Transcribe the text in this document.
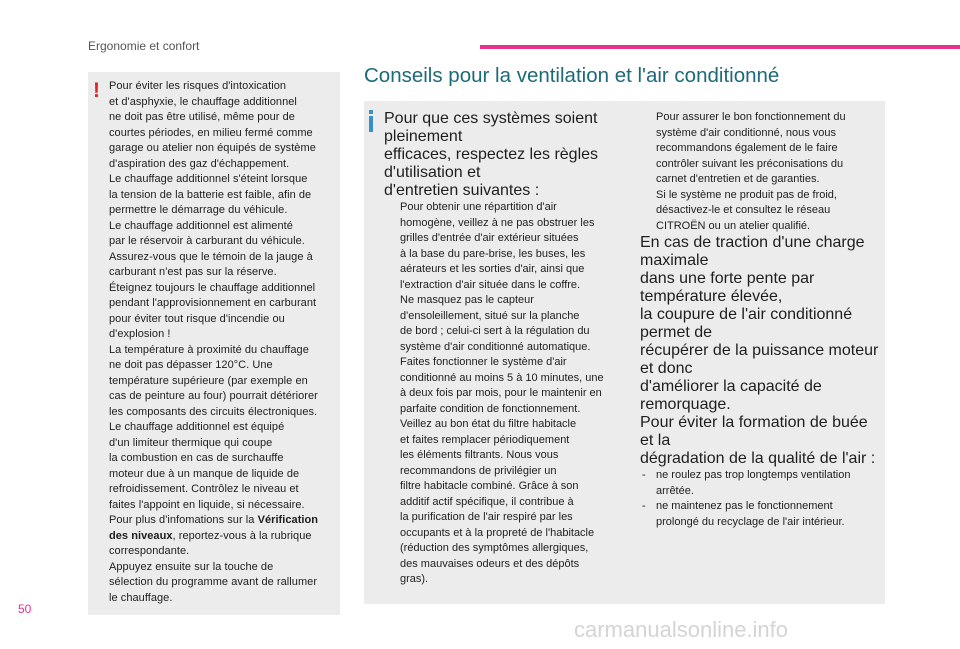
Ergonomie et confort
! Pour éviter les risques d'intoxication
et d'asphyxie, le chauffage additionnel
ne doit pas être utilisé, même pour de
courtes périodes, en milieu fermé comme
garage ou atelier non équipés de système
d'aspiration des gaz d'échappement.
Le chauffage additionnel s'éteint lorsque
la tension de la batterie est faible, afin de
permettre le démarrage du véhicule.
Le chauffage additionnel est alimenté
par le réservoir à carburant du véhicule.
Assurez-vous que le témoin de la jauge à
carburant n'est pas sur la réserve.
Éteignez toujours le chauffage additionnel
pendant l'approvisionnement en carburant
pour éviter tout risque d'incendie ou
d'explosion !
La température à proximité du chauffage
ne doit pas dépasser 120°C. Une
température supérieure (par exemple en
cas de peinture au four) pourrait détériorer
les composants des circuits électroniques.
Le chauffage additionnel est équipé
d'un limiteur thermique qui coupe
la combustion en cas de surchauffe
moteur due à un manque de liquide de
refroidissement. Contrôlez le niveau et
faites l'appoint en liquide, si nécessaire.
Pour plus d'infomations sur la Vérification
des niveaux, reportez-vous à la rubrique
correspondante.
Appuyez ensuite sur la touche de
sélection du programme avant de rallumer
le chauffage.
Conseils pour la ventilation et l'air conditionné
Pour que ces systèmes soient pleinement
efficaces, respectez les règles d'utilisation et
d'entretien suivantes :
Pour obtenir une répartition d'air
homogène, veillez à ne pas obstruer les
grilles d'entrée d'air extérieur situées
à la base du pare-brise, les buses, les
aérateurs et les sorties d'air, ainsi que
l'extraction d'air située dans le coffre.
Ne masquez pas le capteur
d'ensoleillement, situé sur la planche
de bord ; celui-ci sert à la régulation du
système d'air conditionné automatique.
Faites fonctionner le système d'air
conditionné au moins 5 à 10 minutes, une
à deux fois par mois, pour le maintenir en
parfaite condition de fonctionnement.
Veillez au bon état du filtre habitacle
et faites remplacer périodiquement
les éléments filtrants. Nous vous
recommandons de privilégier un
filtre habitacle combiné. Grâce à son
additif actif spécifique, il contribue à
la purification de l'air respiré par les
occupants et à la propreté de l'habitacle
(réduction des symptômes allergiques,
des mauvaises odeurs et des dépôts
gras).
Pour assurer le bon fonctionnement du
système d'air conditionné, nous vous
recommandons également de le faire
contrôler suivant les préconisations du
carnet d'entretien et de garanties.
Si le système ne produit pas de froid,
désactivez-le et consultez le réseau
CITROËN ou un atelier qualifié.
En cas de traction d'une charge maximale
dans une forte pente par température élevée,
la coupure de l'air conditionné permet de
récupérer de la puissance moteur et donc
d'améliorer la capacité de remorquage.
Pour éviter la formation de buée et la
dégradation de la qualité de l'air :
- ne roulez pas trop longtemps ventilation
arrêtée.
- ne maintenez pas le fonctionnement
prolongé du recyclage de l'air intérieur.
50
carmanualsonline.info
